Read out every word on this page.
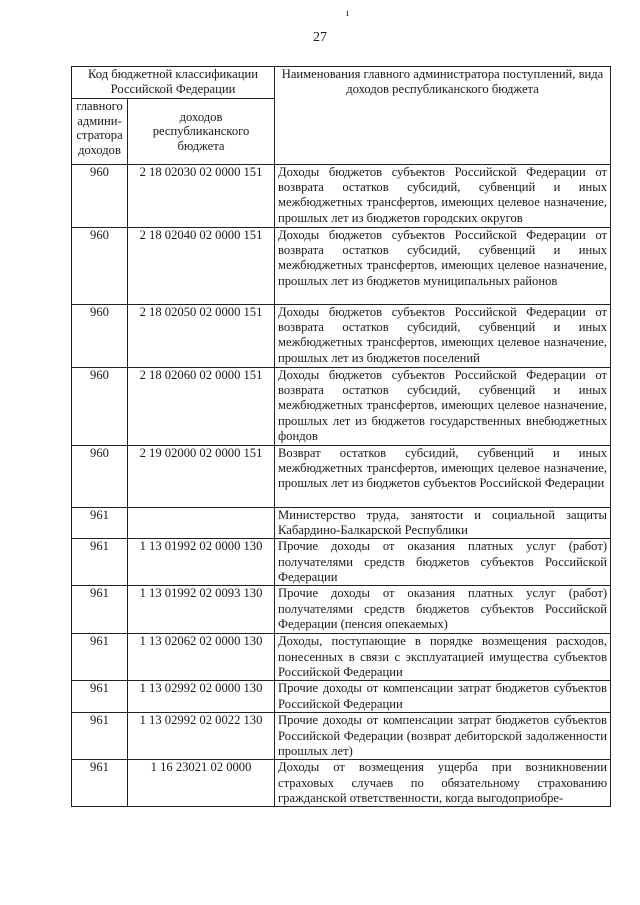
ı
27
Код бюджетной классификации Российской Федерации		Наименования главного администратора поступлений, вида доходов республиканского бюджета
главного админи-стратора доходов	доходов республиканского бюджета	
960	2 18 02030 02 0000 151	Доходы бюджетов субъектов Российской Федерации от возврата остатков субсидий, субвенций и иных межбюджетных трансфертов, имеющих целевое назначение, прошлых лет из бюджетов городских округов
960	2 18 02040 02 0000 151	Доходы бюджетов субъектов Российской Федерации от возврата остатков субсидий, субвенций и иных межбюджетных трансфертов, имеющих целевое назначение, прошлых лет из бюджетов муниципальных районов
960	2 18 02050 02 0000 151	Доходы бюджетов субъектов Российской Федерации от возврата остатков субсидий, субвенций и иных межбюджетных трансфертов, имеющих целевое назначение, прошлых лет из бюджетов поселений
960	2 18 02060 02 0000 151	Доходы бюджетов субъектов Российской Федерации от возврата остатков субсидий, субвенций и иных межбюджетных трансфертов, имеющих целевое назначение, прошлых лет из бюджетов государственных внебюджетных фондов
960	2 19 02000 02 0000 151	Возврат остатков субсидий, субвенций и иных межбюджетных трансфертов, имеющих целевое назначение, прошлых лет из бюджетов субъектов Российской Федерации
961		Министерство труда, занятости и социальной защиты Кабардино-Балкарской Республики
961	1 13 01992 02 0000 130	Прочие доходы от оказания платных услуг (работ) получателями средств бюджетов субъектов Российской Федерации
961	1 13 01992 02 0093 130	Прочие доходы от оказания платных услуг (работ) получателями средств бюджетов субъектов Российской Федерации (пенсия опекаемых)
961	1 13 02062 02 0000 130	Доходы, поступающие в порядке возмещения расходов, понесенных в связи с эксплуатацией имущества субъектов Российской Федерации
961	1 13 02992 02 0000 130	Прочие доходы от компенсации затрат бюджетов субъектов Российской Федерации
961	1 13 02992 02 0022 130	Прочие доходы от компенсации затрат бюджетов субъектов Российской Федерации (возврат дебиторской задолженности прошлых лет)
961	1 16 23021 02 0000	Доходы от возмещения ущерба при возникновении страховых случаев по обязательному страхованию гражданской ответственности, когда выгодоприобре-
